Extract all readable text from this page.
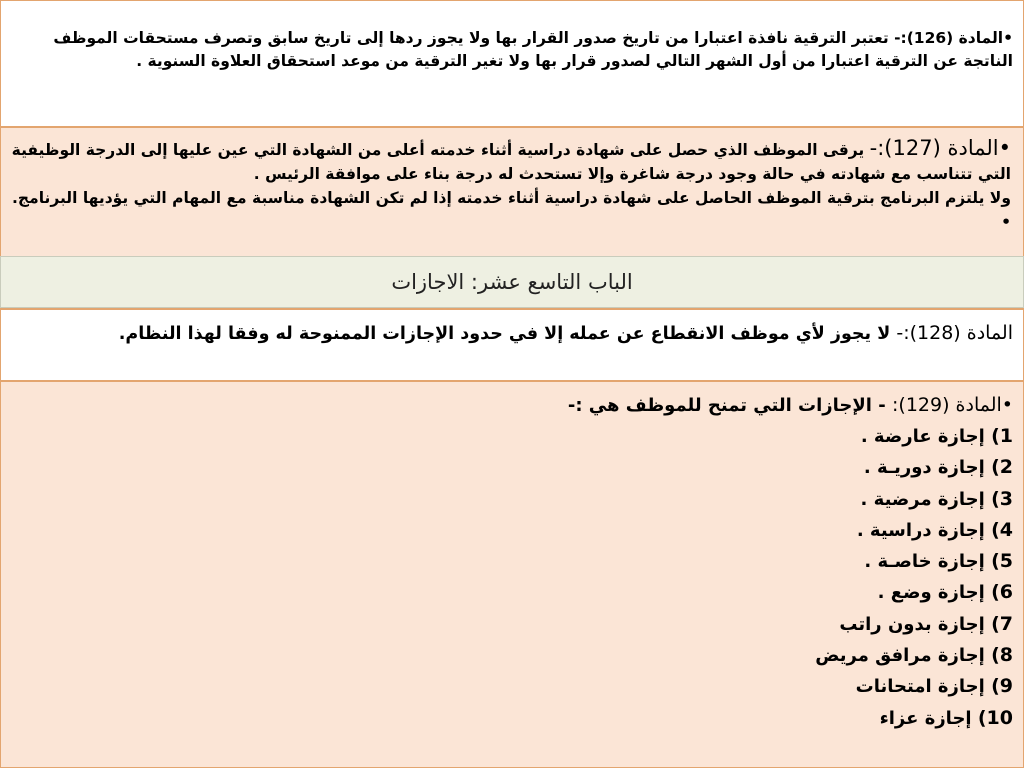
•المادة (126):- تعتبر الترقية نافذة اعتبارا من تاريخ صدور القرار بها ولا يجوز ردها إلى تاريخ سابق وتصرف مستحقات الموظف الناتجة عن الترقية اعتبارا من أول الشهر التالي لصدور قرار بها ولا تغير الترقية من موعد استحقاق العلاوة السنوية .

•المادة (127):- يرقى الموظف الذي حصل على شهادة دراسية أثناء خدمته أعلى من الشهادة التي عين عليها إلى الدرجة الوظيفية التي تتناسب مع شهادته في حالة وجود درجة شاغرة وإلا تستحدث له درجة بناء على موافقة الرئيس .

ولا يلتزم البرنامج بترقية الموظف الحاصل على شهادة دراسية أثناء خدمته إذا لم تكن الشهادة مناسبة مع المهام التي يؤديها البرنامج. •

الباب التاسع عشر: الاجازات

المادة (128):- لا يجوز لأي موظف الانقطاع عن عمله إلا في حدود الإجازات الممنوحة له وفقا لهذا النظام.

•المادة (129): - الإجازات التي تمنح للموظف هي :-

1) إجازة عارضة .
2) إجازة دوريـة .
3) إجازة مرضية .
4) إجازة دراسية .
5) إجازة خاصـة .
6) إجازة وضع .
7) إجازة بدون راتب
8) إجازة مرافق مريض
9) إجازة امتحانات
10) إجازة عزاء
